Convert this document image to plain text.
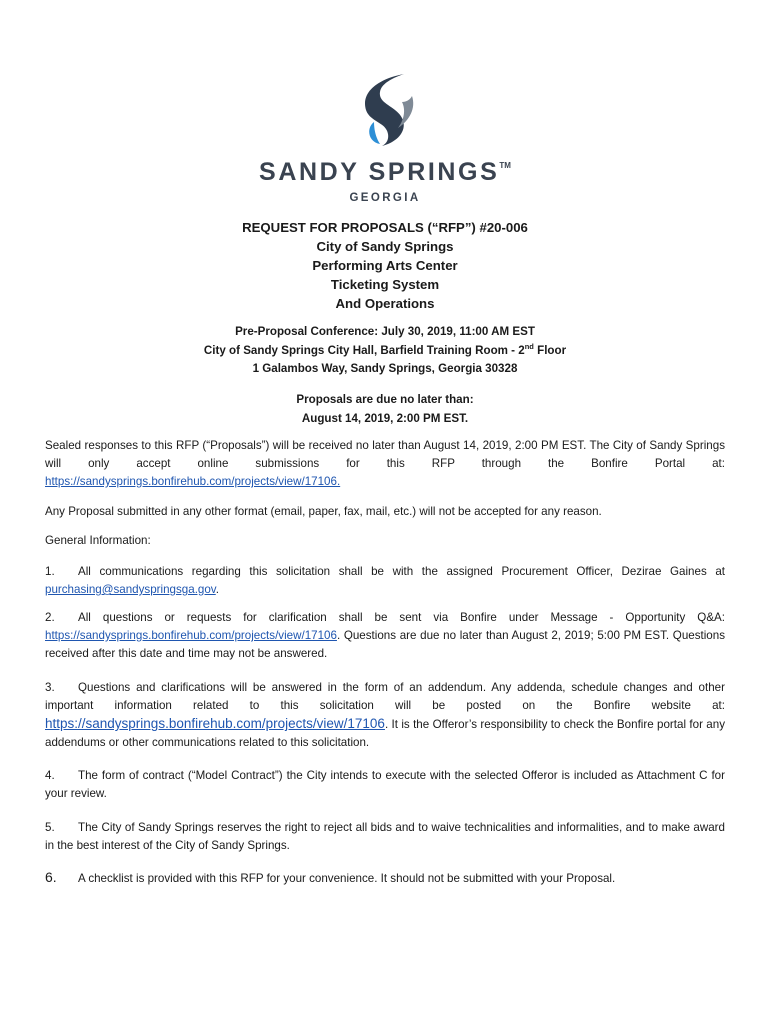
SANDY SPRINGS™
GEORGIA
REQUEST FOR PROPOSALS (“RFP”) #20-006
City of Sandy Springs
Performing Arts Center
Ticketing System
And Operations
Pre-Proposal Conference: July 30, 2019, 11:00 AM EST
City of Sandy Springs City Hall, Barfield Training Room - 2nd Floor
1 Galambos Way, Sandy Springs, Georgia 30328
Proposals are due no later than:
August 14, 2019, 2:00 PM EST.
Sealed responses to this RFP (“Proposals”) will be received no later than August 14, 2019, 2:00 PM EST. The City of Sandy Springs will only accept online submissions for this RFP through the Bonfire Portal at: https://sandysprings.bonfirehub.com/projects/view/17106.
Any Proposal submitted in any other format (email, paper, fax, mail, etc.) will not be accepted for any reason.
General Information:
1. All communications regarding this solicitation shall be with the assigned Procurement Officer, Dezirae Gaines at purchasing@sandyspringsga.gov.
2. All questions or requests for clarification shall be sent via Bonfire under Message - Opportunity Q&A: https://sandysprings.bonfirehub.com/projects/view/17106. Questions are due no later than August 2, 2019; 5:00 PM EST. Questions received after this date and time may not be answered.
3. Questions and clarifications will be answered in the form of an addendum. Any addenda, schedule changes and other important information related to this solicitation will be posted on the Bonfire website at: https://sandysprings.bonfirehub.com/projects/view/17106. It is the Offeror’s responsibility to check the Bonfire portal for any addendums or other communications related to this solicitation.
4. The form of contract (“Model Contract”) the City intends to execute with the selected Offeror is included as Attachment C for your review.
5. The City of Sandy Springs reserves the right to reject all bids and to waive technicalities and informalities, and to make award in the best interest of the City of Sandy Springs.
6. A checklist is provided with this RFP for your convenience. It should not be submitted with your Proposal.
